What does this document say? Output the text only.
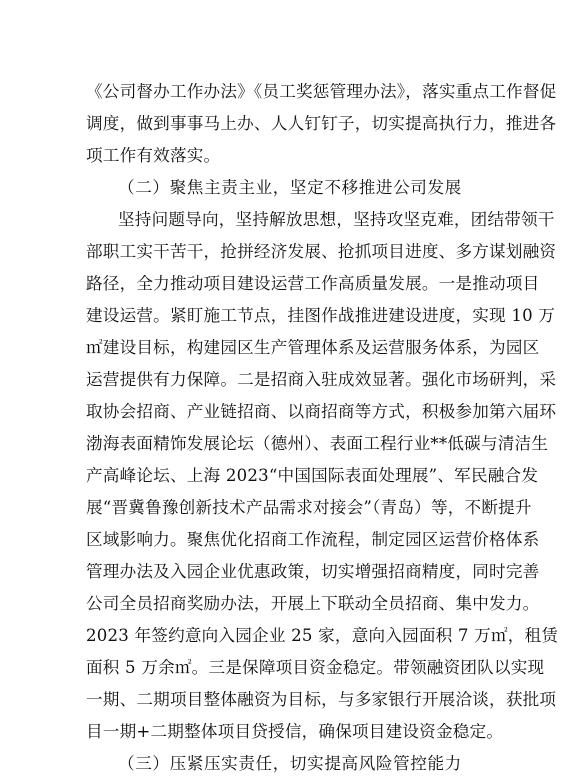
《公司督办工作办法》《员工奖惩管理办法》，落实重点工作督促
调度，做到事事马上办、人人钉钉子，切实提高执行力，推进各
项工作有效落实。
（二）聚焦主责主业，坚定不移推进公司发展
坚持问题导向，坚持解放思想，坚持攻坚克难，团结带领干
部职工实干苦干，抢拼经济发展、抢抓项目进度、多方谋划融资
路径，全力推动项目建设运营工作高质量发展。一是推动项目
建设运营。紧盯施工节点，挂图作战推进建设进度，实现 10 万
㎡建设目标，构建园区生产管理体系及运营服务体系，为园区
运营提供有力保障。二是招商入驻成效显著。强化市场研判，采
取协会招商、产业链招商、以商招商等方式，积极参加第六届环
渤海表面精饰发展论坛（德州）、表面工程行业**低碳与清洁生
产高峰论坛、上海 2023“中国国际表面处理展”、军民融合发
展“晋冀鲁豫创新技术产品需求对接会”（青岛）等，不断提升
区域影响力。聚焦优化招商工作流程，制定园区运营价格体系
管理办法及入园企业优惠政策，切实增强招商精度，同时完善
公司全员招商奖励办法，开展上下联动全员招商、集中发力。
2023 年签约意向入园企业 25 家，意向入园面积 7 万㎡，租赁
面积 5 万余㎡。三是保障项目资金稳定。带领融资团队以实现
一期、二期项目整体融资为目标，与多家银行开展洽谈，获批项
目一期+二期整体项目贷授信，确保项目建设资金稳定。
（三）压紧压实责任，切实提高风险管控能力
